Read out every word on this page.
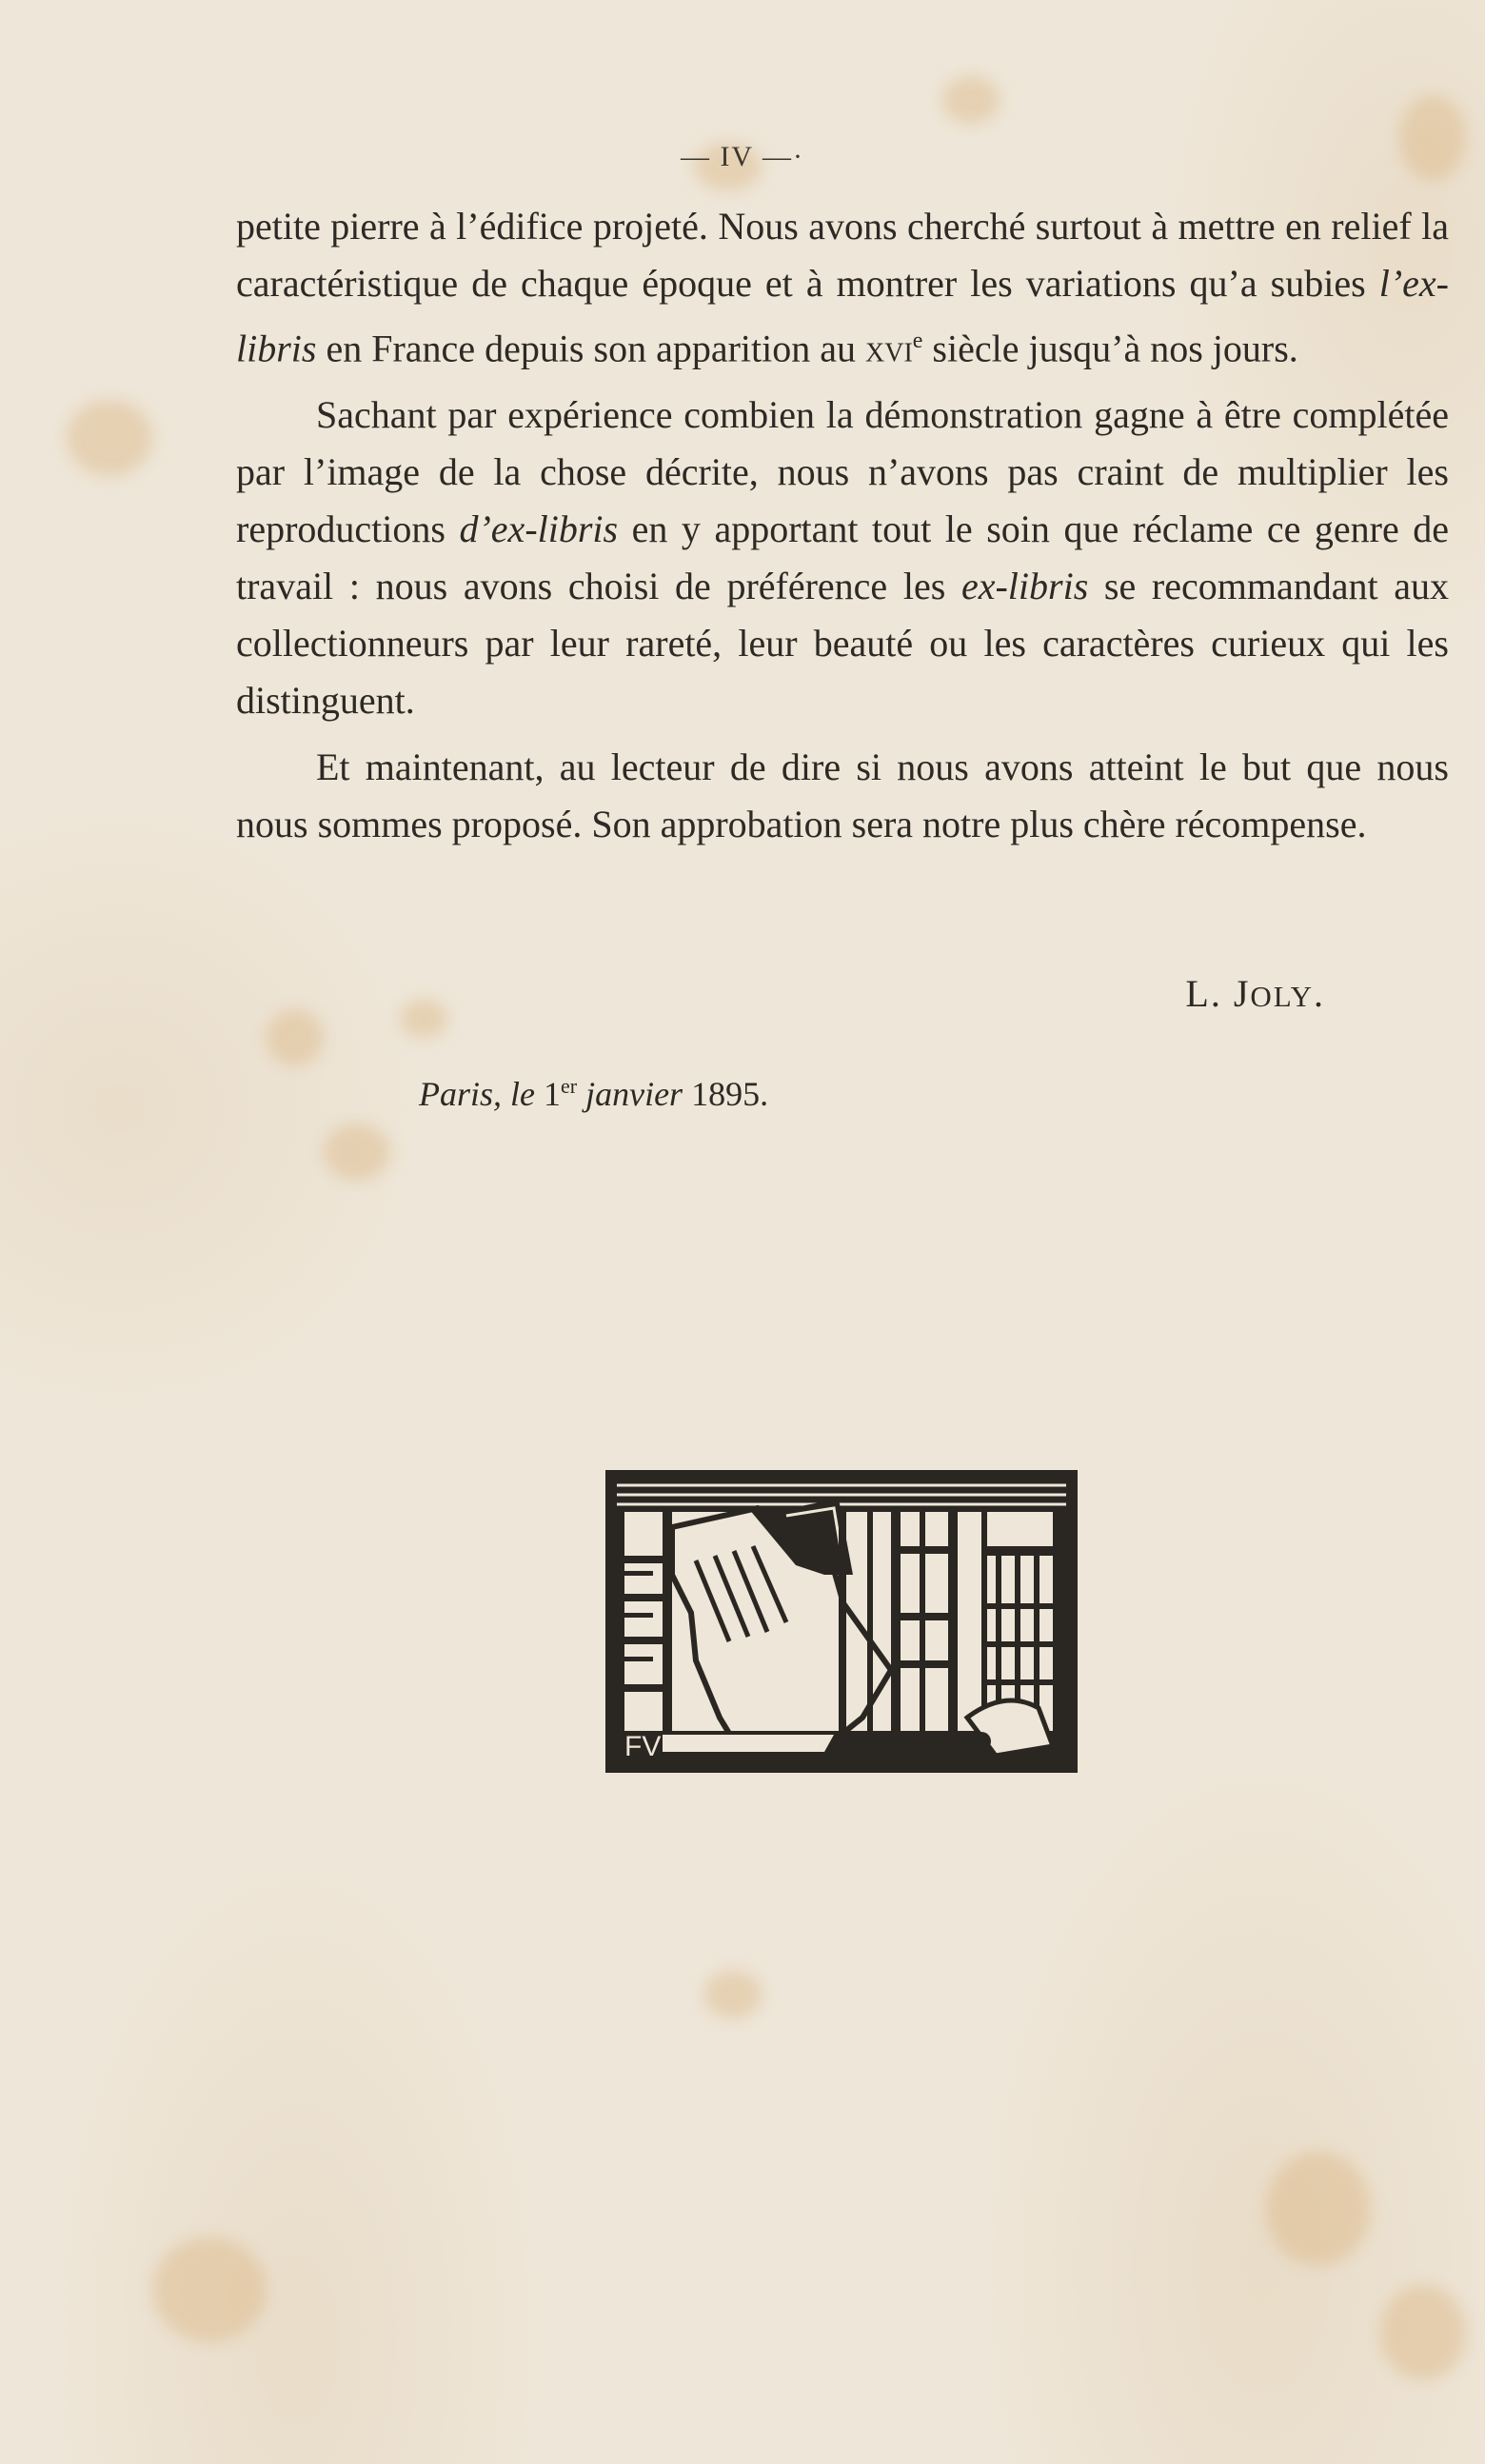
— IV —·

petite pierre à l’édifice projeté. Nous avons cherché surtout à mettre en relief la caractéristique de chaque époque et à montrer les variations qu’a subies l’ex-libris en France depuis son apparition au xvi$^e$ siècle jusqu’à nos jours.

Sachant par expérience combien la démonstration gagne à être complétée par l’image de la chose décrite, nous n’avons pas craint de multiplier les reproductions d’ex-libris en y apportant tout le soin que réclame ce genre de travail : nous avons choisi de préférence les ex-libris se recommandant aux collectionneurs par leur rareté, leur beauté ou les caractères curieux qui les distinguent.

Et maintenant, au lecteur de dire si nous avons atteint le but que nous nous sommes proposé. Son approbation sera notre plus chère récompense.

L. JOLY.
Paris, le 1er janvier 1895.
FV
